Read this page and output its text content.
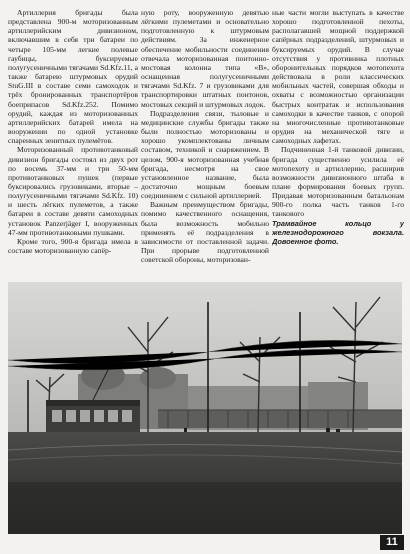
Артиллерия бригады была представлена 900-м моторизованным артиллерийским дивизионом, включавшим в себя три батареи по четыре 105-мм легкие полевые гаубицы, буксируемые полугусеничными тягачами Sd.Kfz.11, а также батарею штурмовых орудий StuG.III в составе семи самоходок и трёх бронированных транспортёров боеприпасов Sd.Kfz.252. Помимо орудий, каждая из моторизованных артиллерийских батарей имела на вооружении по одной установке спаренных зенитных пулемётов.

Моторизованный противотанковый дивизион бригады состоял из двух рот по восемь 37-мм и три 50-мм противотанковых пушек (первые буксировались грузовиками, вторые – полугусеничными тягачами Sd.Kfz. 10) и шесть лёгких пулеметов, а также батареи в составе девяти самоходных установок Panzerjäger I, вооруженных 47-мм противотанковыми пушками.

Кроме того, 900-я бригада имела в составе моторизованную сапёр-

ную роту, вооруженную девятью лёгкими пулеметами и основательно подготовленную к штурмовым действиям. За инженерное обеспечение мобильности соединения отвечала моторизованная понтонно-мостовая колонна типа «B», оснащенная полугусеничными тягачами Sd.Kfz. 7 и грузовиками для транспортировки штатных понтонов, мостовых секций и штурмовых лодок.

Подразделения связи, тыловые и медицинские службы бригады также были полностью моторизованы и хорошо укомплектованы личным составом, техникой и снаряжением. В целом, 900-я моторизованная учебная бригада, несмотря на свое установленное название, была достаточно мощным боевым соединением с сильной артиллерией.

Важным преимуществом бригады, помимо качественного оснащения, была возможность мобильно применять её подразделения в зависимости от поставленной задачи. При прорыве подготовленной советской обороны, моторизован-

ные части могли выступать в качестве хорошо подготовленной пехоты, располагавшей мощной поддержкой сапёрных подразделений, штурмовых и буксируемых орудий. В случае отсутствия у противника плотных оборонительных порядков мотопехота действовала в роли классических мобильных частей, совершая обходы и охваты с возможностью организации быстрых контратак и использования самоходки в качестве танков, с опорой на многочисленные противотанковые орудия на механической тяге и самоходных лафетах.

Подчиненная 1-й танковой дивизии, бригада существенно усилила её мотопехоту и артиллерию, расширив возможности дивизионного штаба в плане формирования боевых групп. Придавая моторизованным батальонам 900-го полка часть танков 1-го танкового

Трамвайное кольцо у железнодорожного вокзала. Довоенное фото.

11
